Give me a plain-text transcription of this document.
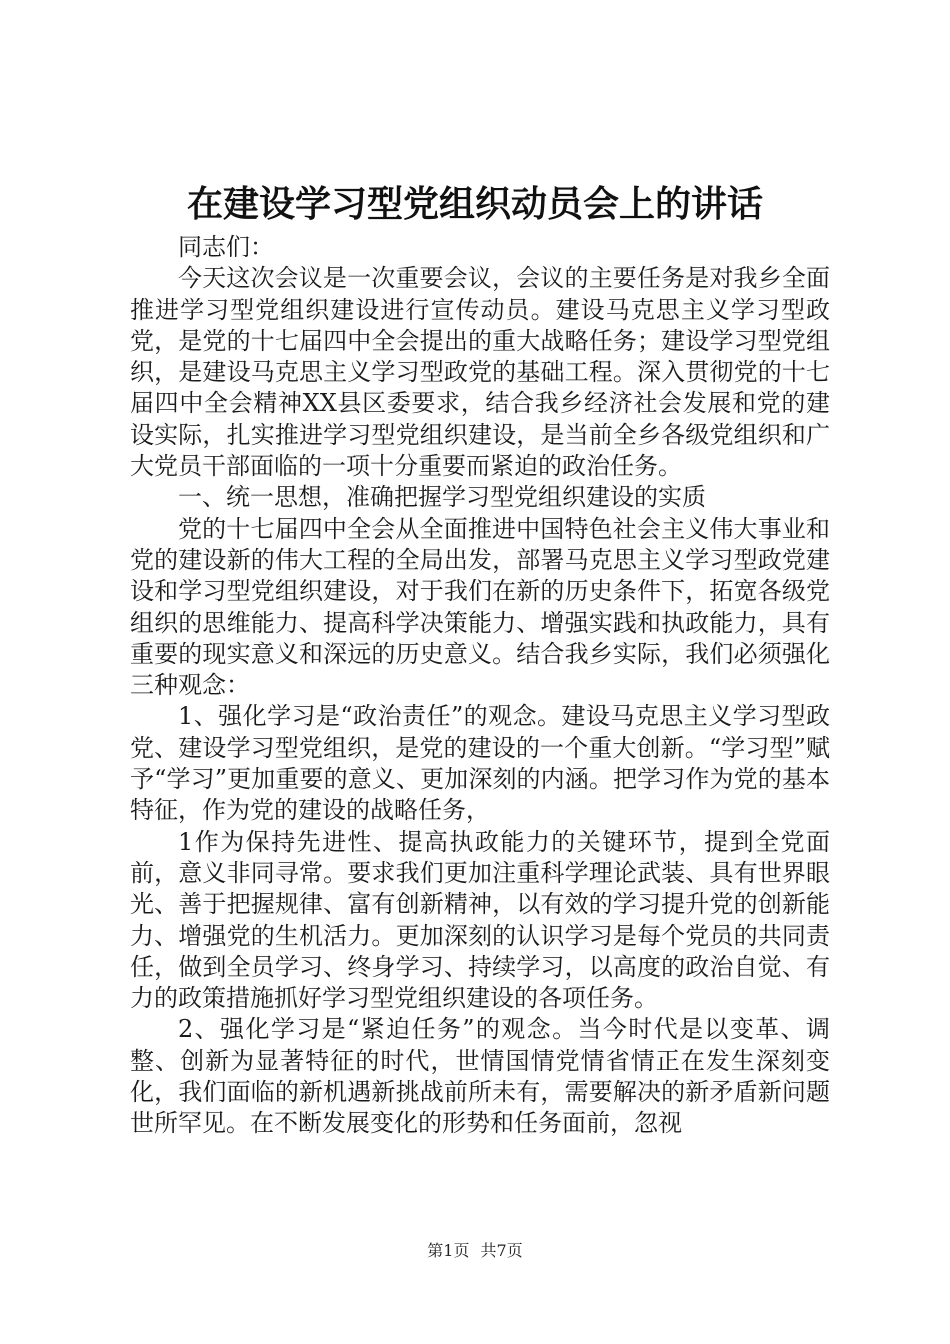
在建设学习型党组织动员会上的讲话

同志们：

今天这次会议是一次重要会议，会议的主要任务是对我乡全面推进学习型党组织建设进行宣传动员。建设马克思主义学习型政党，是党的十七届四中全会提出的重大战略任务；建设学习型党组织，是建设马克思主义学习型政党的基础工程。深入贯彻党的十七届四中全会精神XX县区委要求，结合我乡经济社会发展和党的建设实际，扎实推进学习型党组织建设，是当前全乡各级党组织和广大党员干部面临的一项十分重要而紧迫的政治任务。

一、统一思想，准确把握学习型党组织建设的实质

党的十七届四中全会从全面推进中国特色社会主义伟大事业和党的建设新的伟大工程的全局出发，部署马克思主义学习型政党建设和学习型党组织建设，对于我们在新的历史条件下，拓宽各级党组织的思维能力、提高科学决策能力、增强实践和执政能力，具有重要的现实意义和深远的历史意义。结合我乡实际，我们必须强化三种观念：

1、强化学习是“政治责任”的观念。建设马克思主义学习型政党、建设学习型党组织，是党的建设的一个重大创新。“学习型”赋予“学习”更加重要的意义、更加深刻的内涵。把学习作为党的基本特征，作为党的建设的战略任务，

1作为保持先进性、提高执政能力的关键环节，提到全党面前，意义非同寻常。要求我们更加注重科学理论武装、具有世界眼光、善于把握规律、富有创新精神，以有效的学习提升党的创新能力、增强党的生机活力。更加深刻的认识学习是每个党员的共同责任，做到全员学习、终身学习、持续学习，以高度的政治自觉、有力的政策措施抓好学习型党组织建设的各项任务。

2、强化学习是“紧迫任务”的观念。当今时代是以变革、调整、创新为显著特征的时代，世情国情党情省情正在发生深刻变化，我们面临的新机遇新挑战前所未有，需要解决的新矛盾新问题世所罕见。在不断发展变化的形势和任务面前，忽视

第1页 共7页
